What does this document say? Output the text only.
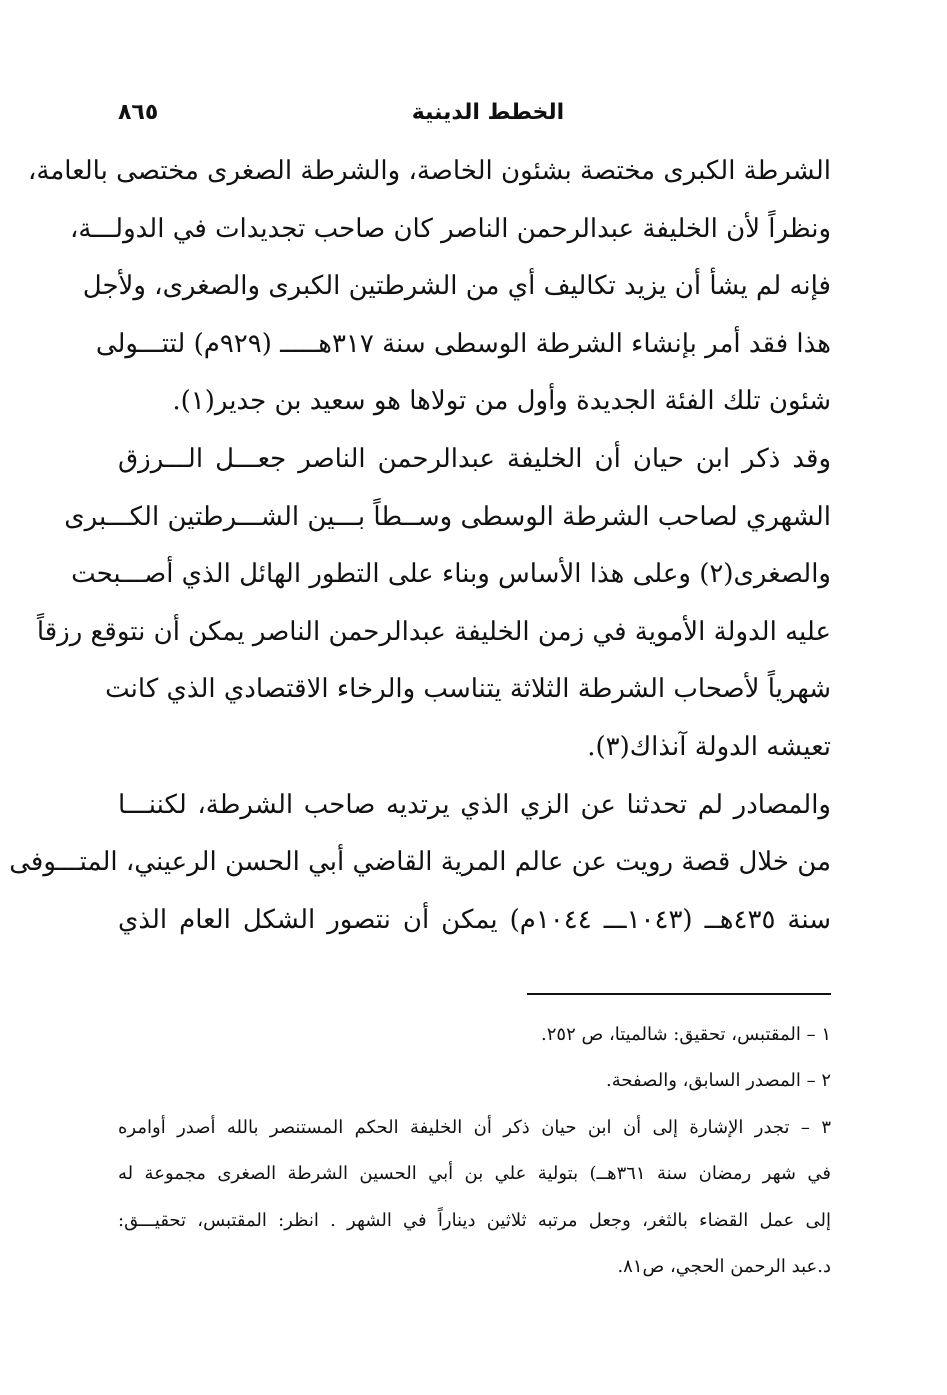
٨٦٥	الخطط الدينية
الشرطة الكبرى مختصة بشئون الخاصة، والشرطة الصغرى مختصى بالعامة،
ونظراً لأن الخليفة عبدالرحمن الناصر كان صاحب تجديدات في الدولـــة،
فإنه لم يشأ أن يزيد تكاليف أي من الشرطتين الكبرى والصغرى، ولأجل
هذا فقد أمر بإنشاء الشرطة الوسطى سنة ٣١٧هـــــ (٩٢٩م) لتتـــولى
شئون تلك الفئة الجديدة وأول من تولاها هو سعيد بن جدير(١).
وقد ذكر ابن حيان أن الخليفة عبدالرحمن الناصر جعـــل الـــرزق
الشهري لصاحب الشرطة الوسطى وســطاً بـــين الشـــرطتين الكـــبرى
والصغرى(٢) وعلى هذا الأساس وبناء على التطور الهائل الذي أصـــبحت
عليه الدولة الأموية في زمن الخليفة عبدالرحمن الناصر يمكن أن نتوقع رزقاً
شهرياً لأصحاب الشرطة الثلاثة يتناسب والرخاء الاقتصادي الذي كانت
تعيشه الدولة آنذاك(٣).
والمصادر لم تحدثنا عن الزي الذي يرتديه صاحب الشرطة، لكننـــا
من خلال قصة رويت عن عالم المرية القاضي أبي الحسن الرعيني، المتـــوفى
سنة ٤٣٥هــ (١٠٤٣ـــ ١٠٤٤م) يمكن أن نتصور الشكل العام الذي
١ – المقتبس، تحقيق: شالميتا، ص ٢٥٢.
٢ – المصدر السابق، والصفحة.
٣ – تجدر الإشارة إلى أن ابن حيان ذكر أن الخليفة الحكم المستنصر بالله أصدر أوامره
في شهر رمضان سنة ٣٦١هــ) بتولية علي بن أبي الحسين الشرطة الصغرى مجموعة له
إلى عمل القضاء بالثغر، وجعل مرتبه ثلاثين ديناراً في الشهر . انظر: المقتبس، تحقيـــق:
د.عبد الرحمن الحجي، ص٨١.
